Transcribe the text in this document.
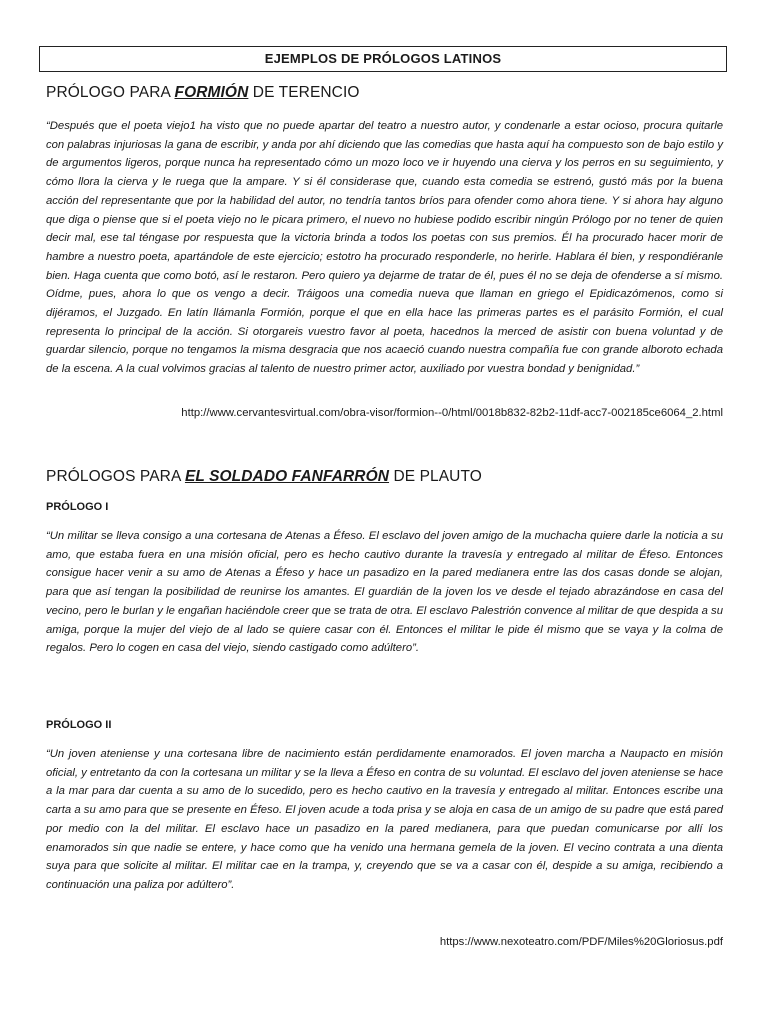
EJEMPLOS DE PRÓLOGOS LATINOS
PRÓLOGO PARA FORMIÓN DE TERENCIO

“Después que el poeta viejo1 ha visto que no puede apartar del teatro a nuestro autor, y condenarle a estar ocioso, procura quitarle con palabras injuriosas la gana de escribir, y anda por ahí diciendo que las comedias que hasta aquí ha compuesto son de bajo estilo y de argumentos ligeros, porque nunca ha representado cómo un mozo loco ve ir huyendo una cierva y los perros en su seguimiento, y cómo llora la cierva y le ruega que la ampare. Y si él considerase que, cuando esta comedia se estrenó, gustó más por la buena acción del representante que por la habilidad del autor, no tendría tantos bríos para ofender como ahora tiene. Y si ahora hay alguno que diga o piense que si el poeta viejo no le picara primero, el nuevo no hubiese podido escribir ningún Prólogo por no tener de quien decir mal, ese tal téngase por respuesta que la victoria brinda a todos los poetas con sus premios. Él ha procurado hacer morir de hambre a nuestro poeta, apartándole de este ejercicio; estotro ha procurado responderle, no herirle. Hablara él bien, y respondiéranle bien. Haga cuenta que como botó, así le restaron. Pero quiero ya dejarme de tratar de él, pues él no se deja de ofenderse a sí mismo. Oídme, pues, ahora lo que os vengo a decir. Tráigoos una comedia nueva que llaman en griego el Epidicazómenos, como si dijéramos, el Juzgado. En latín llámanla Formión, porque el que en ella hace las primeras partes es el parásito Formión, el cual representa lo principal de la acción. Si otorgareis vuestro favor al poeta, hacednos la merced de asistir con buena voluntad y de guardar silencio, porque no tengamos la misma desgracia que nos acaeció cuando nuestra compañía fue con grande alboroto echada de la escena. A la cual volvimos gracias al talento de nuestro primer actor, auxiliado por vuestra bondad y benignidad.”

http://www.cervantesvirtual.com/obra-visor/formion--0/html/0018b832-82b2-11df-acc7-002185ce6064_2.html
PRÓLOGOS PARA EL SOLDADO FANFARRÓN DE PLAUTO
PRÓLOGO I

“Un militar se lleva consigo a una cortesana de Atenas a Éfeso. El esclavo del joven amigo de la muchacha quiere darle la noticia a su amo, que estaba fuera en una misión oficial, pero es hecho cautivo durante la travesía y entregado al militar de Éfeso. Entonces consigue hacer venir a su amo de Atenas a Éfeso y hace un pasadizo en la pared medianera entre las dos casas donde se alojan, para que así tengan la posibilidad de reunirse los amantes. El guardián de la joven los ve desde el tejado abrazándose en casa del vecino, pero le burlan y le engañan haciéndole creer que se trata de otra. El esclavo Palestrión convence al militar de que despida a su amiga, porque la mujer del viejo de al lado se quiere casar con él. Entonces el militar le pide él mismo que se vaya y la colma de regalos. Pero lo cogen en casa del viejo, siendo castigado como adúltero”.

PRÓLOGO II

“Un joven ateniense y una cortesana libre de nacimiento están perdidamente enamorados. El joven marcha a Naupacto en misión oficial, y entretanto da con la cortesana un militar y se la lleva a Éfeso en contra de su voluntad. El esclavo del joven ateniense se hace a la mar para dar cuenta a su amo de lo sucedido, pero es hecho cautivo en la travesía y entregado al militar. Entonces escribe una carta a su amo para que se presente en Éfeso. El joven acude a toda prisa y se aloja en casa de un amigo de su padre que está pared por medio con la del militar. El esclavo hace un pasadizo en la pared medianera, para que puedan comunicarse por allí los enamorados sin que nadie se entere, y hace como que ha venido una hermana gemela de la joven. El vecino contrata a una dienta suya para que solicite al militar. El militar cae en la trampa, y, creyendo que se va a casar con él, despide a su amiga, recibiendo a continuación una paliza por adúltero”.

https://www.nexoteatro.com/PDF/Miles%20Gloriosus.pdf
